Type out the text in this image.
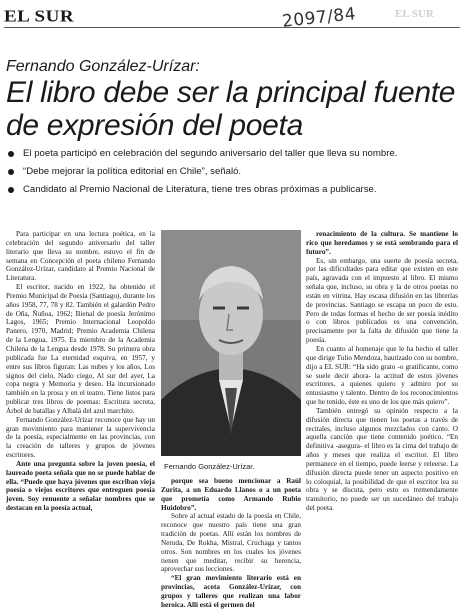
EL SUR	2097/84	EL SUR
Fernando González-Urízar:
El libro debe ser la principal fuente de expresión del poeta
El poeta participó en celebración del segundo aniversario del taller que lleva su nombre.
“Debe mejorar la política editorial en Chile”, señaló.
Candidato al Premio Nacional de Literatura, tiene tres obras próximas a publicarse.

Para participar en una lectura poética, en la celebración del segundo aniversario del taller literario que lleva su nombre, estuvo el fin de semana en Concepción el poeta chileno Fernando González-Urízar, candidato al Premio Nacional de Literatura.

El escritor, nacido en 1922, ha obtenido el Premio Municipal de Poesía (Santiago), durante los años 1958, 77, 78 y 82. También el galardón Pedro de Oña, Ñuñoa, 1962; Bienal de poesía Jerónimo Lagos, 1965; Premio Internacional Leopoldo Panero, 1970, Madrid; Premio Academia Chilena de la Lengua, 1975. Es miembro de la Academia Chilena de la Lengua desde 1978. Su primera obra publicada fue La eternidad esquiva, en 1957, y entre sus libros figuran: Las nubes y los años, Los signos del cielo, Nado ciego, Al sur del ayer, La copa negra y Memoria y deseo. Ha incursionado también en la prosa y en el teatro. Tiene listos para publicar tres libros de poemas: Escritura secreta, Árbol de batallas y Albalá del azul marchito.

Fernando González-Urízar reconoce que hay un gran movimiento para mantener la supervivencia de la poesía, especialmente en las provincias, con la creación de talleres y grupos de jóvenes escritores.

Ante una pregunta sobre la joven poesía, el laureado poeta señala que no se puede hablar de ella. “Puede que haya jóvenes que escriban vieja poesía o viejos escritores que entreguen poesía joven. Soy renuente a señalar nombres que se destacan en la poesía actual,

Fernando González-Urízar.

porque sea bueno mencionar a Raúl Zurita, a un Eduardo Llanos o a un poeta que prometía como Armando Rubio Huidobro”.

Sobre al actual estado de la poesía en Chile, reconoce que nuestro país tiene una gran tradición de poetas. Allí están los nombres de Neruda, De Rokha, Mistral, Cruchaga y tantos otros. Son nombres en los cuales los jóvenes tienen que meditar, recibir su herencia, aprovechar sus lecciones.

“El gran movimiento literario está en provincias, acota González-Urízar, con grupos y talleres que realizan una labor heroica. Allí está el germen del

renacimiento de la cultura. Se mantiene lo rico que heredamos y se está sembrando para el futuro”.

Es, sin embargo, una suerte de poesía secreta, por las dificultades para editar que existen en este país, agravada con el impuesto al libro. El mismo señala que, incluso, su obra y la de otros poetas no están en vitrina. Hay escasa difusión en las librerías de provincias. Santiago se escapa un poco de esto. Pero de todas formas el hecho de ser poesía inédito o con libros publicados es una convención, precisamente por la falta de difusión que tiene la poesía.

En cuanto al homenaje que le ha hecho el taller que dirige Tulio Mendoza, bautizado con su nombre, dijo a EL SUR: “Ha sido grato -o gratificante, como se suele decir ahora- la actitud de estos jóvenes escritores, a quienes quiero y admiro por su entusiasmo y talento. Dentro de los reconocimientos que he tenido, éste es uno de los que más quiero”.

También entregó su opinión respecto a la difusión directa que tienen los poetas a través de recitales, incluso algunos mezclados con canto. O aquella canción que tiene contenido poético. “En definitiva -asegura- el libro es la cima del trabajo de años y meses que realiza el escritor. El libro permanece en el tiempo, puede leerse y releerse. La difusión directa puede tener un aspecto positivo en lo coloquial, la posibilidad de que el escritor lea su obra y se discuta, pero esto es tremendamente transitorio, no puede ser un sucedáneo del trabajo del poeta.
